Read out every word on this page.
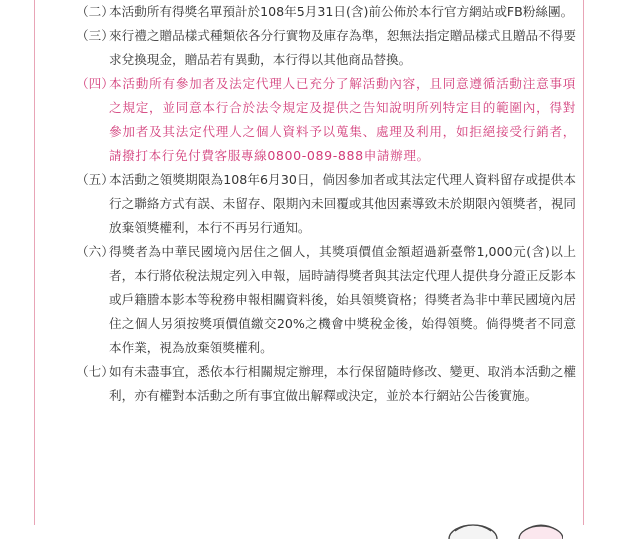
（二）
本活動所有得獎名單預計於108年5月31日(含)前公佈於本行官方網站或FB粉絲團。
（三）
來行禮之贈品樣式種類依各分行實物及庫存為準，恕無法指定贈品樣式且贈品不得要求兌換現金，贈品若有異動，本行得以其他商品替換。
（四）
本活動所有參加者及法定代理人已充分了解活動內容，且同意遵循活動注意事項之規定，並同意本行合於法令規定及提供之告知說明所列特定目的範圍內，得對參加者及其法定代理人之個人資料予以蒐集、處理及利用，如拒絕接受行銷者，請撥打本行免付費客服專線0800-089-888申請辦理。
（五）
本活動之領獎期限為108年6月30日，倘因參加者或其法定代理人資料留存或提供本行之聯絡方式有誤、未留存、限期內未回覆或其他因素導致未於期限內領獎者，視同放棄領獎權利，本行不再另行通知。
（六）
得獎者為中華民國境內居住之個人，其獎項價值金額超過新臺幣1,000元(含)以上者，本行將依稅法規定列入申報，屆時請得獎者與其法定代理人提供身分證正反影本或戶籍謄本影本等稅務申報相關資料後，始具領獎資格；得獎者為非中華民國境內居住之個人另須按獎項價值繳交20%之機會中獎稅金後，始得領獎。倘得獎者不同意本作業，視為放棄領獎權利。
（七）
如有未盡事宜，悉依本行相關規定辦理，本行保留隨時修改、變更、取消本活動之權利，亦有權對本活動之所有事宜做出解釋或決定，並於本行網站公告後實施。
